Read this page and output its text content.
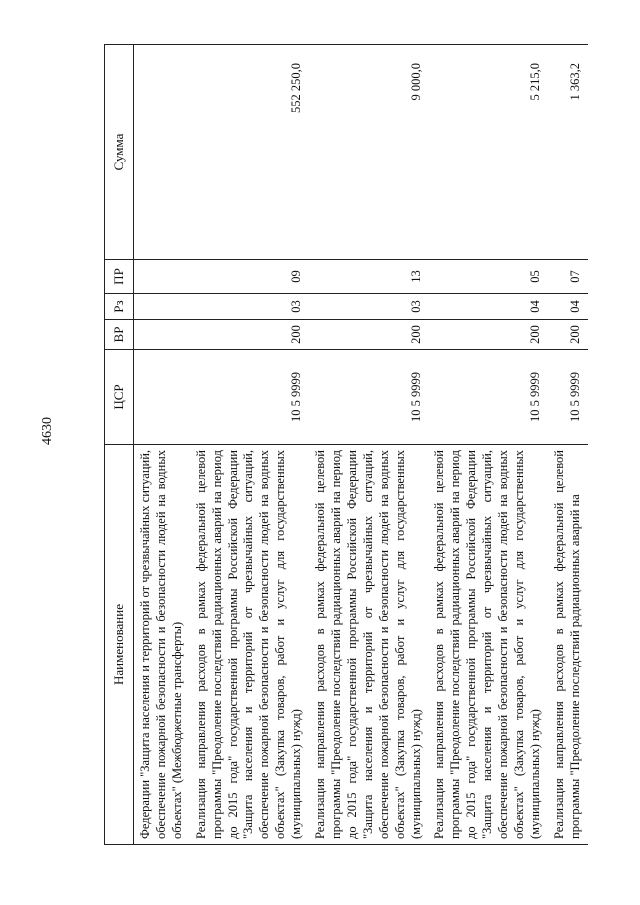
4630
Наименование	ЦСР	ВР	Рз	ПР	Сумма
Федерации "Защита населения и территорий от чрезвычайных ситуаций, обеспечение пожарной безопасности и безопасности людей на водных объектах" (Межбюджетные трансферты)					
Реализация направления расходов в рамках федеральной целевой программы "Преодоление последствий радиационных аварий на период до 2015 года" государственной программы Российской Федерации "Защита населения и территорий от чрезвычайных ситуаций, обеспечение пожарной безопасности и безопасности людей на водных объектах" (Закупка товаров, работ и услуг для государственных (муниципальных) нужд)	10 5 9999	200	03	09	552 250,0
Реализация направления расходов в рамках федеральной целевой программы "Преодоление последствий радиационных аварий на период до 2015 года" государственной программы Российской Федерации "Защита населения и территорий от чрезвычайных ситуаций, обеспечение пожарной безопасности и безопасности людей на водных объектах" (Закупка товаров, работ и услуг для государственных (муниципальных) нужд)	10 5 9999	200	03	13	9 000,0
Реализация направления расходов в рамках федеральной целевой программы "Преодоление последствий радиационных аварий на период до 2015 года" государственной программы Российской Федерации "Защита населения и территорий от чрезвычайных ситуаций, обеспечение пожарной безопасности и безопасности людей на водных объектах" (Закупка товаров, работ и услуг для государственных (муниципальных) нужд)	10 5 9999	200	04	05	5 215,0
Реализация направления расходов в рамках федеральной целевой программы "Преодоление последствий радиационных аварий на	10 5 9999	200	04	07	1 363,2
